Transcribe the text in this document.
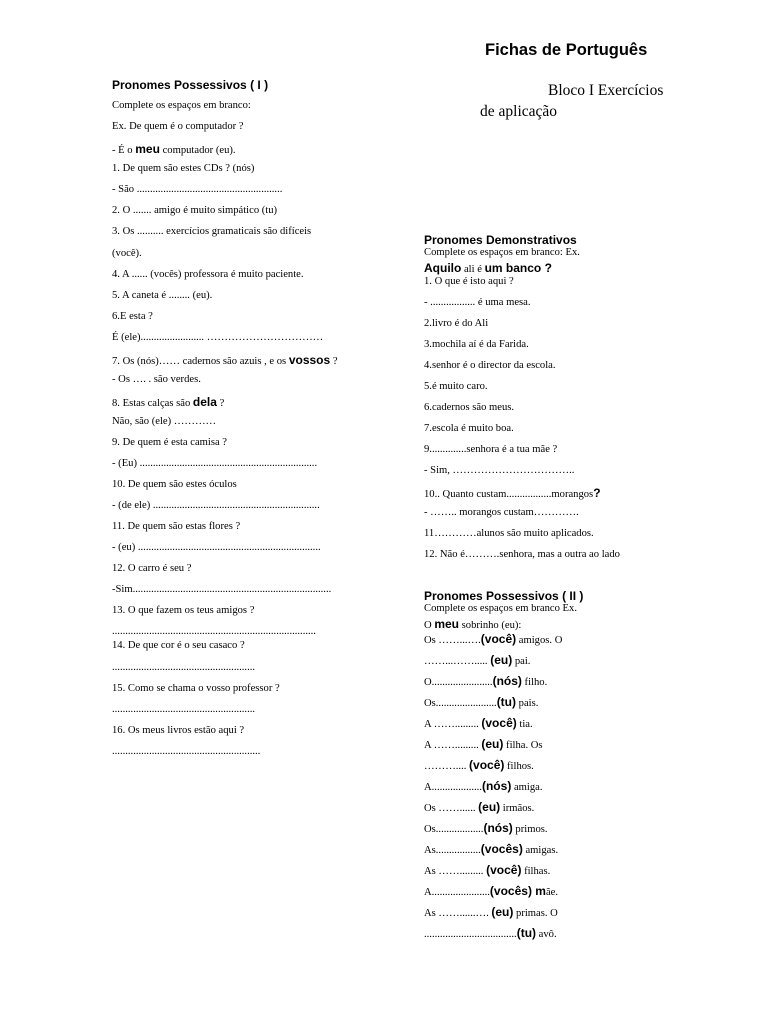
Fichas de Português
Bloco I Exercícios
de aplicação
Pronomes Possessivos ( I )
Complete os espaços em branco:
Ex. De quem é o computador ?
- É o meu computador (eu).
1. De quem são estes CDs ? (nós)
- São .......................................................
2. O ....... amigo é muito simpático (tu)
3. Os .......... exercícios gramaticais são difíceis
(você).
4. A ...... (vocês) professora é muito paciente.
5. A caneta é ........ (eu).
6.E esta ?
É (ele)........................ ……………………………
7. Os (nós)…… cadernos são azuis , e os vossos ?
- Os …. . são verdes.
8. Estas calças são dela ?
Não, são (ele) …………
9. De quem é esta camisa ?
- (Eu) ...................................................................
10. De quem são estes óculos
- (de ele) ...............................................................
11. De quem são estas flores ?
- (eu) .....................................................................
12. O carro é seu ?
-Sim...........................................................................
13. O que fazem os teus amigos ?
.............................................................................
14. De que cor é o seu casaco ?
......................................................
15. Como se chama o vosso professor ?
......................................................
16. Os meus livros estão aqui ?
........................................................
Pronomes Demonstrativos
Complete os espaços em branco: Ex.
Aquilo ali é um banco ?
1. O que é isto aqui ?
- ................. é uma mesa.
2.livro é do Ali
3.mochila aí é da Farida.
4.senhor é o director da escola.
5.é muito caro.
6.cadernos são meus.
7.escola é muito boa.
9..............senhora é a tua mãe ?
- Sim, ……………………………..
10.. Quanto custam.................morangos?
- …….. morangos custam………….
11…………alunos são muito aplicados.
12. Não é……….senhora, mas a outra ao lado
Pronomes Possessivos ( II )
Complete os espaços em branco Ex.
O meu sobrinho (eu):
Os ……...….(você) amigos. O
……...……..... (eu) pai.
O.......................(nós) filho.
Os.......................(tu) pais.
A ……......... (você) tia.
A ……......... (eu) filha. Os
……….... (você) filhos.
A...................(nós) amiga.
Os ……...... (eu) irmãos.
Os..................(nós) primos.
As.................(vocês) amigas.
As ……......... (você) filhas.
A......................(vocês) mãe.
As ……......…. (eu) primas. O
...................................(tu) avô.
